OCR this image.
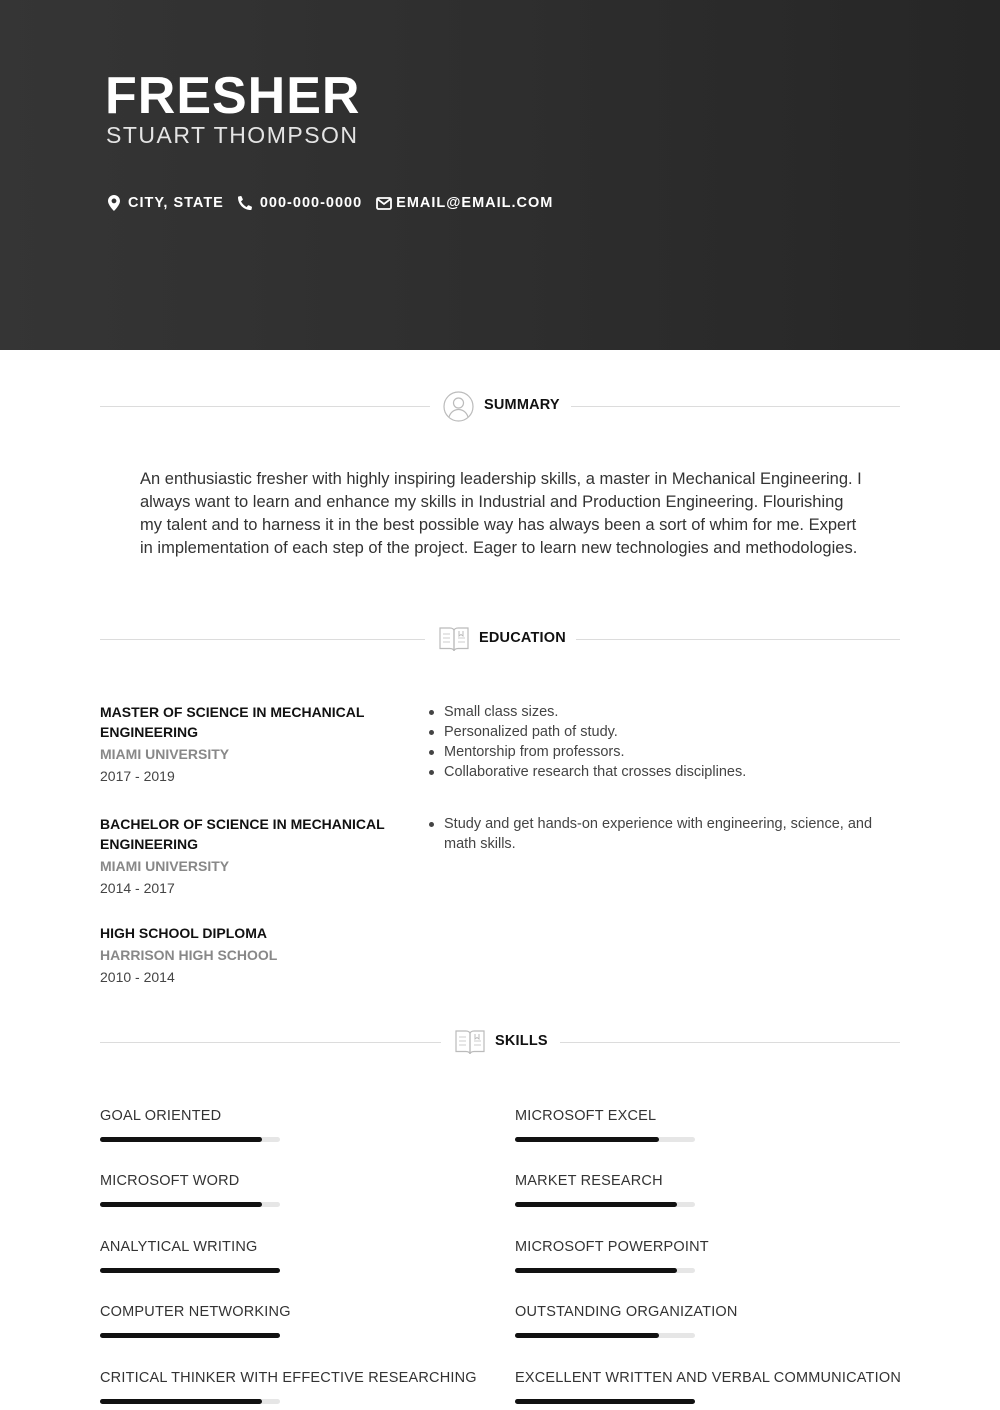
FRESHER
STUART THOMPSON
CITY, STATE 000-000-0000 EMAIL@EMAIL.COM
SUMMARY
An enthusiastic fresher with highly inspiring leadership skills, a master in Mechanical Engineering. I always want to learn and enhance my skills in Industrial and Production Engineering. Flourishing my talent and to harness it in the best possible way has always been a sort of whim for me. Expert in implementation of each step of the project. Eager to learn new technologies and methodologies.
EDUCATION
MASTER OF SCIENCE IN MECHANICAL ENGINEERING
MIAMI UNIVERSITY
2017 - 2019
Small class sizes.
Personalized path of study.
Mentorship from professors.
Collaborative research that crosses disciplines.
BACHELOR OF SCIENCE IN MECHANICAL ENGINEERING
MIAMI UNIVERSITY
2014 - 2017
Study and get hands-on experience with engineering, science, and math skills.
HIGH SCHOOL DIPLOMA
HARRISON HIGH SCHOOL
2010 - 2014
SKILLS
GOAL ORIENTED	MICROSOFT EXCEL
MICROSOFT WORD	MARKET RESEARCH
ANALYTICAL WRITING	MICROSOFT POWERPOINT
COMPUTER NETWORKING	OUTSTANDING ORGANIZATION
CRITICAL THINKER WITH EFFECTIVE RESEARCHING	EXCELLENT WRITTEN AND VERBAL COMMUNICATION
